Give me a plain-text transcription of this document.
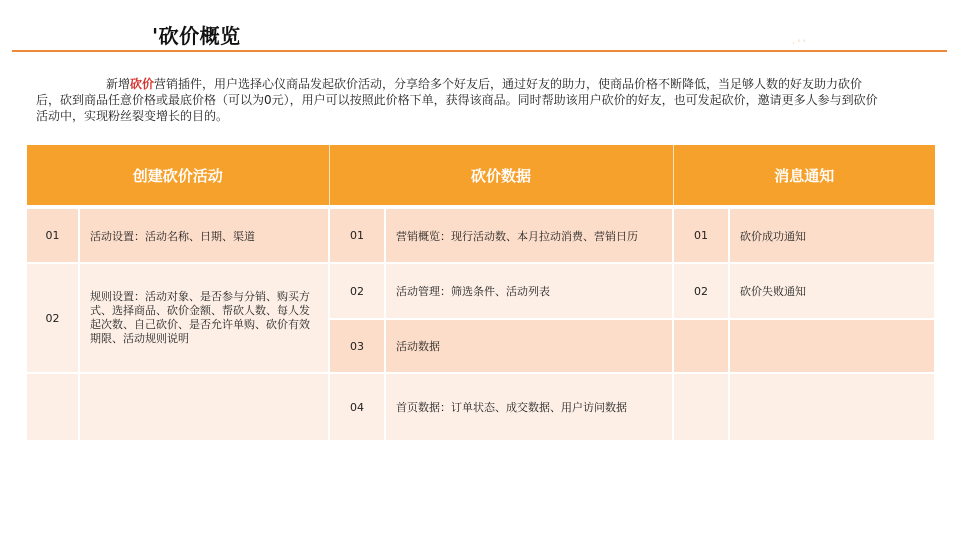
'砍价概览	· ' '
新增砍价营销插件，用户选择心仪商品发起砍价活动，分享给多个好友后，通过好友的助力，使商品价格不断降低，当足够人数的好友助力砍价后，砍到商品任意价格或最底价格（可以为0元），用户可以按照此价格下单，获得该商品。同时帮助该用户砍价的好友，也可发起砍价，邀请更多人参与到砍价活动中，实现粉丝裂变增长的目的。
创建砍价活动		砍价数据		消息通知	

01	活动设置：活动名称、日期、渠道	01	营销概览：现行活动数、本月拉动消费、营销日历	01	砍价成功通知
02	规则设置：活动对象、是否参与分销、购买方式、选择商品、砍价金额、帮砍人数、每人发起次数、自己砍价、是否允许单购、砍价有效期限、活动规则说明	02	活动管理：筛选条件、活动列表	02	砍价失败通知
		03	活动数据		
		04	首页数据：订单状态、成交数据、用户访问数据		
